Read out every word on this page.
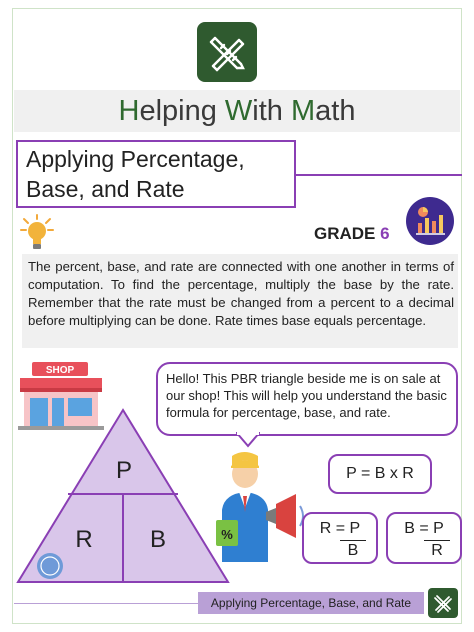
Helping With Math
Applying Percentage,
Base, and Rate
GRADE 6
The percent, base, and rate are connected with one another in terms of computation. To find the percentage, multiply the base by the rate. Remember that the rate must be changed from a percent to a decimal before multiplying can be done. Rate times base equals percentage.
SHOP
Hello! This PBR triangle beside me is on sale at our shop! This will help you understand the basic formula for percentage, base, and rate.
P
R B	%
P = B x R
R = P
B
B = P
R
Applying Percentage, Base, and Rate
